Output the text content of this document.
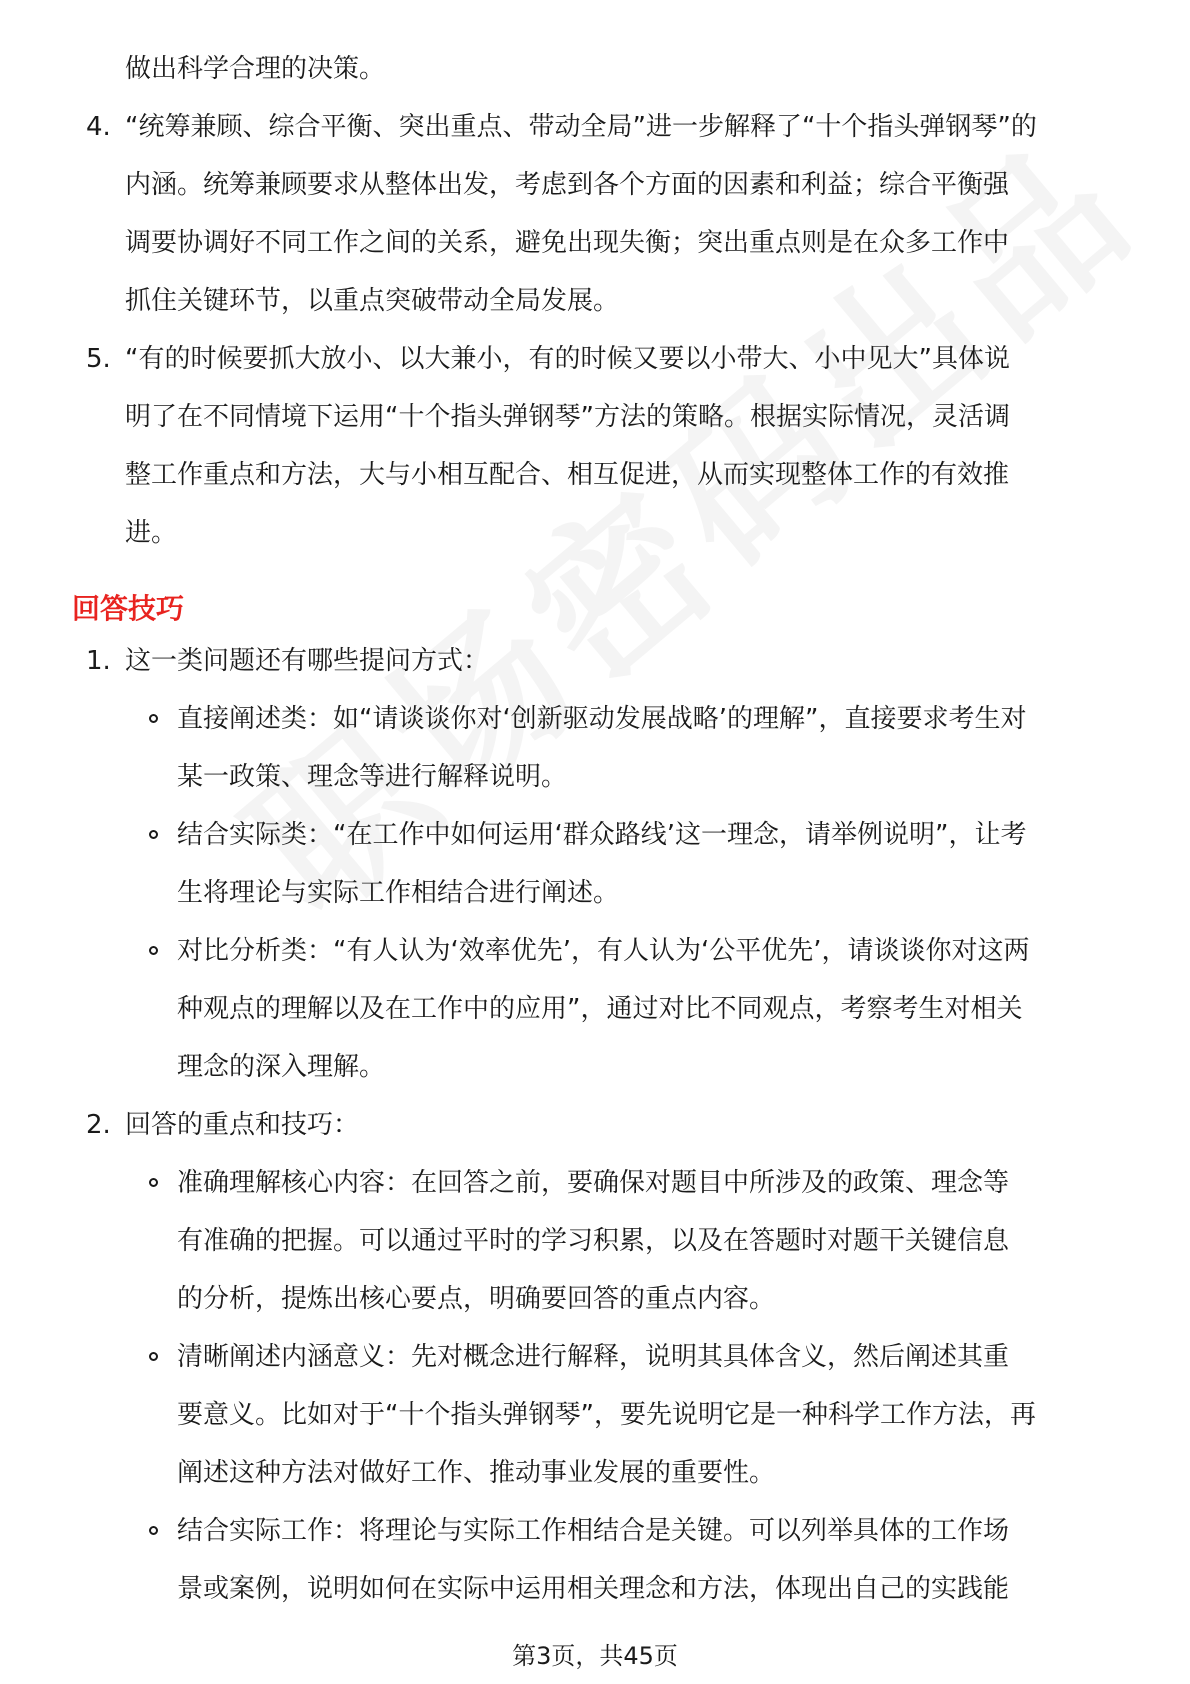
做出科学合理的决策。
4. “统筹兼顾、综合平衡、突出重点、带动全局”进一步解释了“十个指头弹钢琴”的
内涵。统筹兼顾要求从整体出发，考虑到各个方面的因素和利益；综合平衡强
调要协调好不同工作之间的关系，避免出现失衡；突出重点则是在众多工作中
抓住关键环节，以重点突破带动全局发展。
5. “有的时候要抓大放小、以大兼小，有的时候又要以小带大、小中见大”具体说
明了在不同情境下运用“十个指头弹钢琴”方法的策略。根据实际情况，灵活调
整工作重点和方法，大与小相互配合、相互促进，从而实现整体工作的有效推
进。
回答技巧
1. 这一类问题还有哪些提问方式：
直接阐述类：如“请谈谈你对‘创新驱动发展战略’的理解”，直接要求考生对
某一政策、理念等进行解释说明。
结合实际类：“在工作中如何运用‘群众路线’这一理念，请举例说明”，让考
生将理论与实际工作相结合进行阐述。
对比分析类：“有人认为‘效率优先’，有人认为‘公平优先’，请谈谈你对这两
种观点的理解以及在工作中的应用”，通过对比不同观点，考察考生对相关
理念的深入理解。
2. 回答的重点和技巧：
准确理解核心内容：在回答之前，要确保对题目中所涉及的政策、理念等
有准确的把握。可以通过平时的学习积累，以及在答题时对题干关键信息
的分析，提炼出核心要点，明确要回答的重点内容。
清晰阐述内涵意义：先对概念进行解释，说明其具体含义，然后阐述其重
要意义。比如对于“十个指头弹钢琴”，要先说明它是一种科学工作方法，再
阐述这种方法对做好工作、推动事业发展的重要性。
结合实际工作：将理论与实际工作相结合是关键。可以列举具体的工作场
景或案例，说明如何在实际中运用相关理念和方法，体现出自己的实践能
第3页，共45页
